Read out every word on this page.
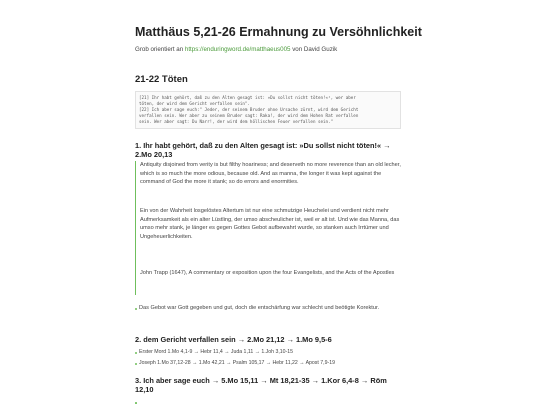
Matthäus 5,21-26 Ermahnung zu Versöhnlichkeit
Grob orientiert an https://enduringword.de/matthaeus005 von David Guzik
21-22 Töten
[21] Ihr habt gehört, daß zu den Alten gesagt ist: »Du sollst nicht töten!«¹, wer aber
töten, der wird dem Gericht verfallen sein".
[22] Ich aber sage euch:" Jeder, der seinem Bruder ohne Ursache zürnt, wird dem Gericht
verfallen sein. Wer aber zu seinem Bruder sagt: Raka!, der wird dem Hohen Rat verfallen
sein. Wer aber sagt: Du Narr!, der wird dem höllischen Feuer verfallen sein."
1. Ihr habt gehört, daß zu den Alten gesagt ist: »Du sollst nicht töten!« → 2.Mo 20,13

Antiquity disjoined from verity is but filthy hoariness; and deserveth no more reverence than an old lecher, which is so much the more odious, because old. And as manna, the longer it was kept against the command of God the more it stank; so do errors and enormities.

Ein von der Wahrheit losgelöstes Altertum ist nur eine schmutzige Heuchelei und verdient nicht mehr Aufmerksamkeit als ein alter Lüstling, der umso abscheulicher ist, weil er alt ist. Und wie das Manna, das umso mehr stank, je länger es gegen Gottes Gebot aufbewahrt wurde, so stanken auch Irrtümer und Ungeheuerlichkeiten.

John Trapp (1647), A commentary or exposition upon the four Evangelists, and the Acts of the Apostles

Das Gebot war Gott gegeben und gut, doch die entschärfung war schlecht und beötigte Korektur.
2. dem Gericht verfallen sein → 2.Mo 21,12 → 1.Mo 9,5-6
Erster Mord 1.Mo 4,1-9 → Hebr 11,4 → Juda 1,11 → 1.Joh 3,10-15
Joseph 1.Mo 37,12-28 → 1.Mo 42,21 → Psalm 105,17 → Hebr 11,22 → Apost 7,9-19
3. Ich aber sage euch → 5.Mo 15,11 → Mt 18,21-35 → 1.Kor 6,4-8 → Röm 12,10
